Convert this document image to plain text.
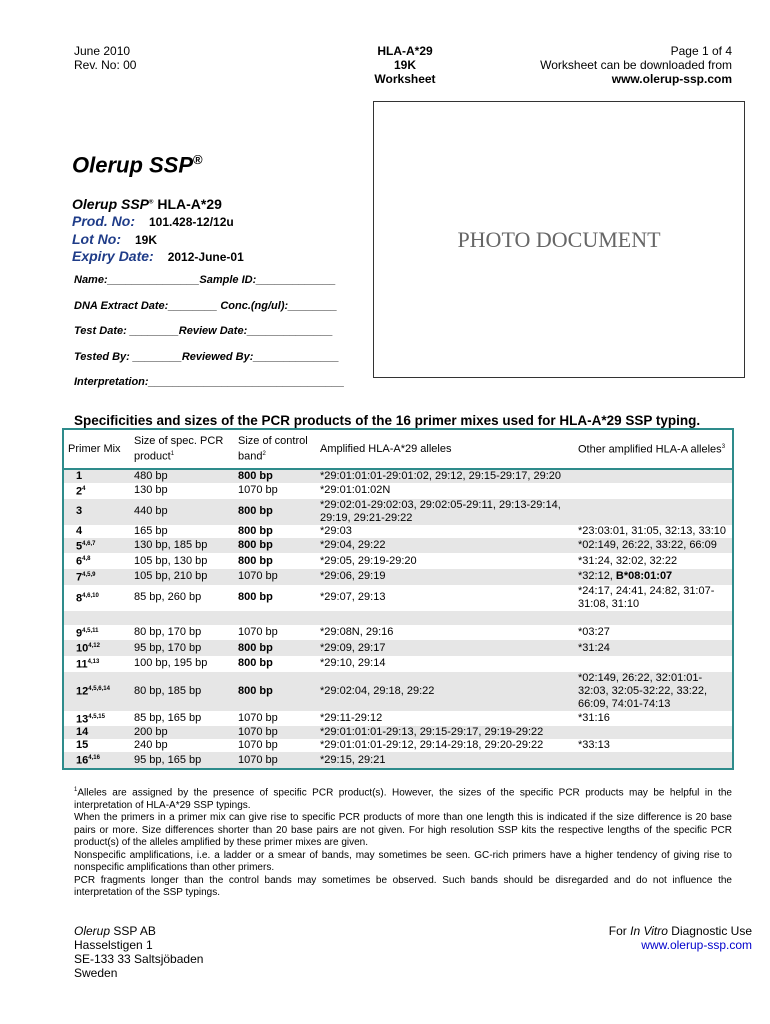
June 2010
Rev. No: 00
HLA-A*29
19K
Worksheet
Page 1 of 4
Worksheet can be downloaded from
www.olerup-ssp.com
PHOTO DOCUMENT
Olerup SSP®
Olerup SSP® HLA-A*29
Prod. No: 101.428-12/12u
Lot No: 19K
Expiry Date: 2012-June-01
Name:_______________Sample ID:_____________
DNA Extract Date:________ Conc.(ng/ul):________
Test Date: ________Review Date:______________
Tested By: ________Reviewed By:______________
Interpretation:________________________________
Specificities and sizes of the PCR products of the 16 primer mixes used for HLA-A*29 SSP typing.
Primer Mix	Size of spec. PCR product$^1$	Size of control band$^2$	Amplified HLA-A*29 alleles	Other amplified HLA-A alleles$^3$
1	480 bp	800 bp	*29:01:01:01-29:01:02, 29:12, 29:15-29:17, 29:20	
$2^4$	130 bp	1070 bp	*29:01:01:02N	
3	440 bp	800 bp	*29:02:01-29:02:03, 29:02:05-29:11, 29:13-29:14, 29:19, 29:21-29:22	
4	165 bp	800 bp	*29:03	*23:03:01, 31:05, 32:13, 33:10
5$^{4,6,7}$	130 bp, 185 bp	800 bp	*29:04, 29:22	*02:149, 26:22, 33:22, 66:09
6$^{4,8}$	105 bp, 130 bp	800 bp	*29:05, 29:19-29:20	*31:24, 32:02, 32:22
7$^{4,5,9}$	105 bp, 210 bp	1070 bp	*29:06, 29:19	*32:12, B*08:01:07
8$^{4,6,10}$	85 bp, 260 bp	800 bp	*29:07, 29:13	*24:17, 24:41, 24:82, 31:07-31:08, 31:10

9$^{4,5,11}$	80 bp, 170 bp	1070 bp	*29:08N, 29:16	*03:27
10$^{4,12}$	95 bp, 170 bp	800 bp	*29:09, 29:17	*31:24
11$^{4,13}$	100 bp, 195 bp	800 bp	*29:10, 29:14	
12$^{4,5,6,14}$	80 bp, 185 bp	800 bp	*29:02:04, 29:18, 29:22	*02:149, 26:22, 32:01:01-32:03, 32:05-32:22, 33:22, 66:09, 74:01-74:13
13$^{4,5,15}$	85 bp, 165 bp	1070 bp	*29:11-29:12	*31:16
14	200 bp	1070 bp	*29:01:01:01-29:13, 29:15-29:17, 29:19-29:22	
15	240 bp	1070 bp	*29:01:01:01-29:12, 29:14-29:18, 29:20-29:22	*33:13
16$^{4,16}$	95 bp, 165 bp	1070 bp	*29:15, 29:21	
$^1$Alleles are assigned by the presence of specific PCR product(s). However, the sizes of the specific PCR products may be helpful in the interpretation of HLA-A*29 SSP typings.
When the primers in a primer mix can give rise to specific PCR products of more than one length this is indicated if the size difference is 20 base pairs or more. Size differences shorter than 20 base pairs are not given. For high resolution SSP kits the respective lengths of the specific PCR product(s) of the alleles amplified by these primer mixes are given.
Nonspecific amplifications, i.e. a ladder or a smear of bands, may sometimes be seen. GC-rich primers have a higher tendency of giving rise to nonspecific amplifications than other primers.
PCR fragments longer than the control bands may sometimes be observed. Such bands should be disregarded and do not influence the interpretation of the SSP typings.
Olerup SSP AB
Hasselstigen 1
SE-133 33 Saltsjöbaden
Sweden
For In Vitro Diagnostic Use
www.olerup-ssp.com
